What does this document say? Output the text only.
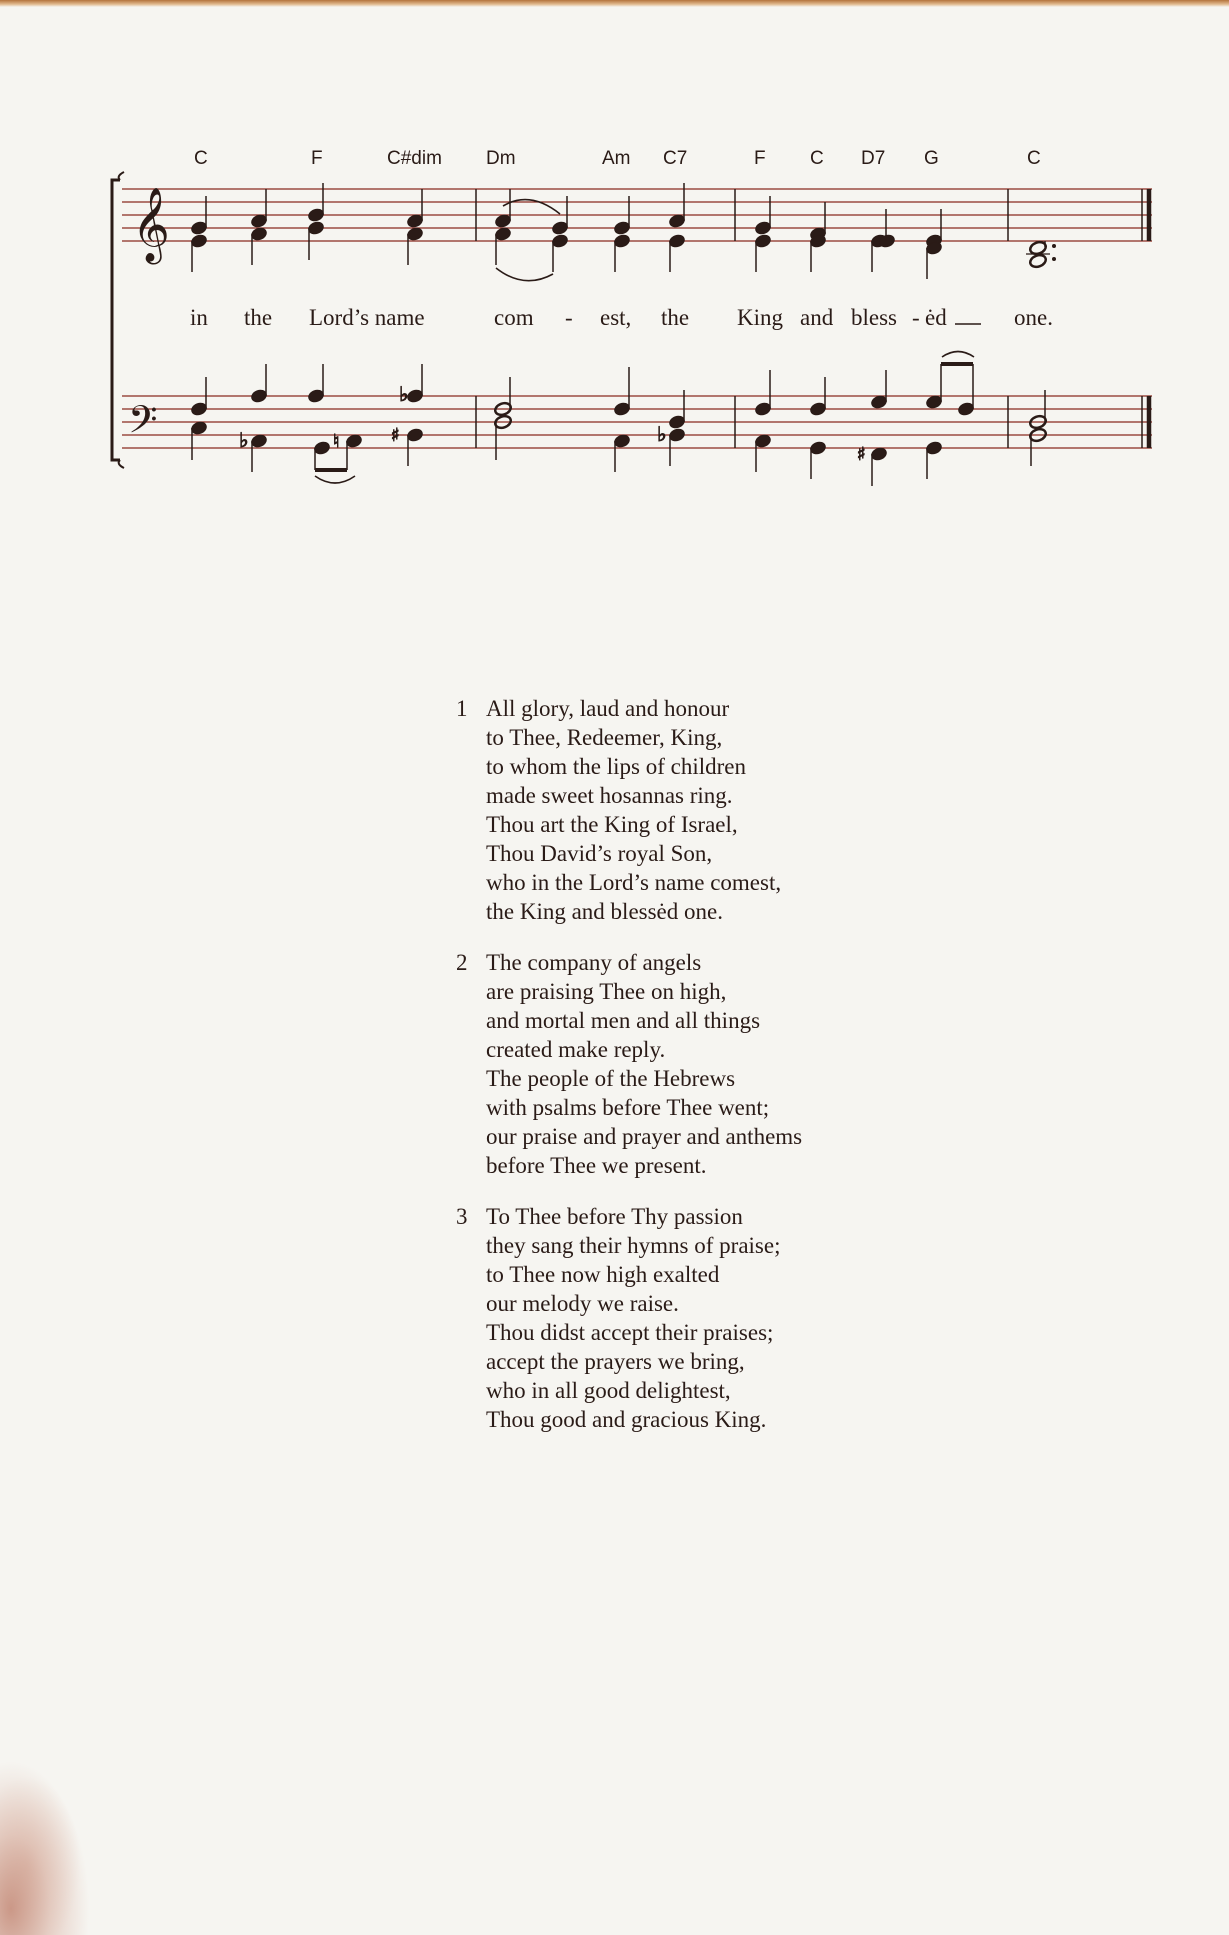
𝄞
𝄢	♭	♮
♭
♯	♭
♯
C	F	C#dim Dm	Am C7	F C D7 G	C
in the Lord’s name	com - est, the King and bless - ėd	one.
1 All glory, laud and honour
to Thee, Redeemer, King,
to whom the lips of children
made sweet hosannas ring.
Thou art the King of Israel,
Thou David’s royal Son,
who in the Lord’s name comest,
the King and blessėd one.
2 The company of angels
are praising Thee on high,
and mortal men and all things
created make reply.
The people of the Hebrews
with psalms before Thee went;
our praise and prayer and anthems
before Thee we present.
3 To Thee before Thy passion
they sang their hymns of praise;
to Thee now high exalted
our melody we raise.
Thou didst accept their praises;
accept the prayers we bring,
who in all good delightest,
Thou good and gracious King.
